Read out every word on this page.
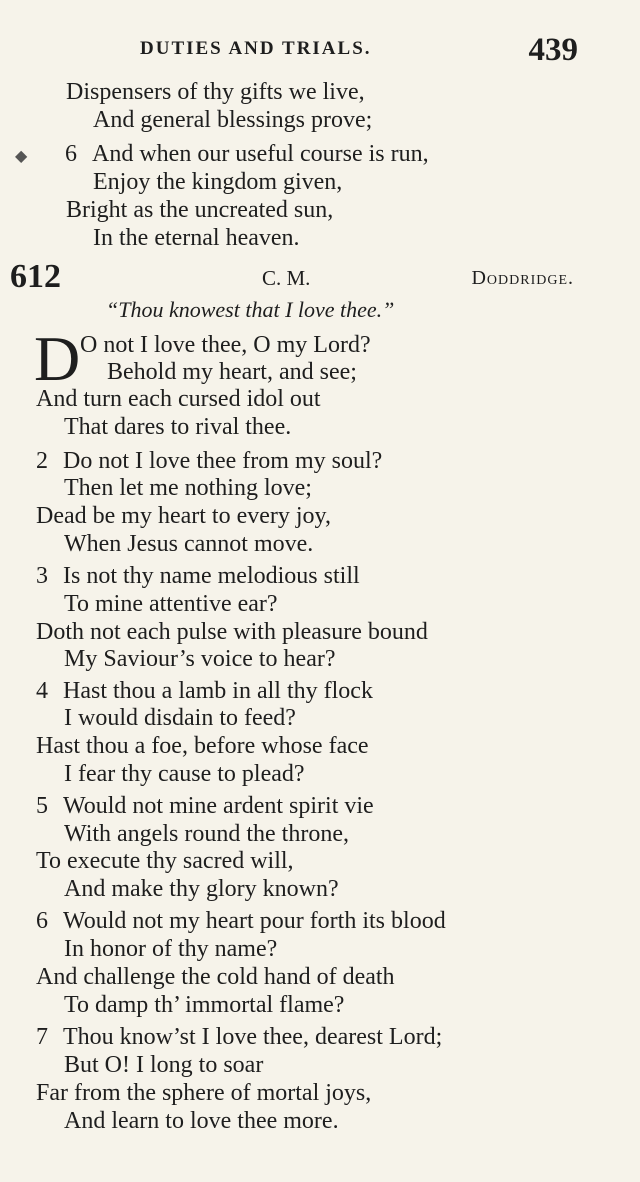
DUTIES AND TRIALS.	439
Dispensers of thy gifts we live,
And general blessings prove;
◆ 6 And when our useful course is run,
Enjoy the kingdom given,
Bright as the uncreated sun,
In the eternal heaven.
612	C. M.	Doddridge.
“Thou knowest that I love thee.”
D O not I love thee, O my Lord?
Behold my heart, and see;
And turn each cursed idol out
That dares to rival thee.
2 Do not I love thee from my soul?
Then let me nothing love;
Dead be my heart to every joy,
When Jesus cannot move.
3 Is not thy name melodious still
To mine attentive ear?
Doth not each pulse with pleasure bound
My Saviour’s voice to hear?
4 Hast thou a lamb in all thy flock
I would disdain to feed?
Hast thou a foe, before whose face
I fear thy cause to plead?
5 Would not mine ardent spirit vie
With angels round the throne,
To execute thy sacred will,
And make thy glory known?
6 Would not my heart pour forth its blood
In honor of thy name?
And challenge the cold hand of death
To damp th’ immortal flame?
7 Thou know’st I love thee, dearest Lord;
But O! I long to soar
Far from the sphere of mortal joys,
And learn to love thee more.
